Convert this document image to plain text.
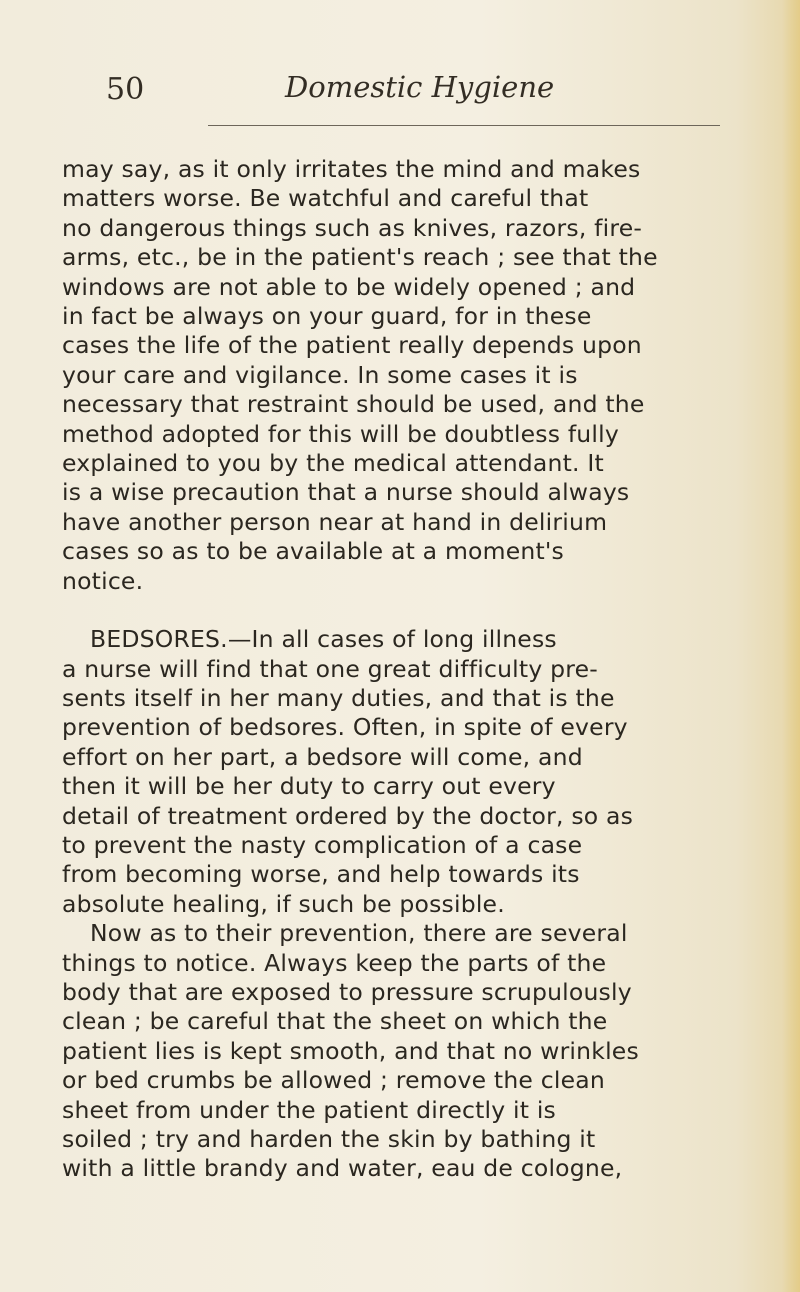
50	Domestic Hygiene
may say, as it only irritates the mind and makes
matters worse. Be watchful and careful that
no dangerous things such as knives, razors, fire-
arms, etc., be in the patient's reach ; see that the
windows are not able to be widely opened ; and
in fact be always on your guard, for in these
cases the life of the patient really depends upon
your care and vigilance. In some cases it is
necessary that restraint should be used, and the
method adopted for this will be doubtless fully
explained to you by the medical attendant. It
is a wise precaution that a nurse should always
have another person near at hand in delirium
cases so as to be available at a moment's
notice.
BEDSORES.—In all cases of long illness
a nurse will find that one great difficulty pre-
sents itself in her many duties, and that is the
prevention of bedsores. Often, in spite of every
effort on her part, a bedsore will come, and
then it will be her duty to carry out every
detail of treatment ordered by the doctor, so as
to prevent the nasty complication of a case
from becoming worse, and help towards its
absolute healing, if such be possible.
Now as to their prevention, there are several
things to notice. Always keep the parts of the
body that are exposed to pressure scrupulously
clean ; be careful that the sheet on which the
patient lies is kept smooth, and that no wrinkles
or bed crumbs be allowed ; remove the clean
sheet from under the patient directly it is
soiled ; try and harden the skin by bathing it
with a little brandy and water, eau de cologne,
